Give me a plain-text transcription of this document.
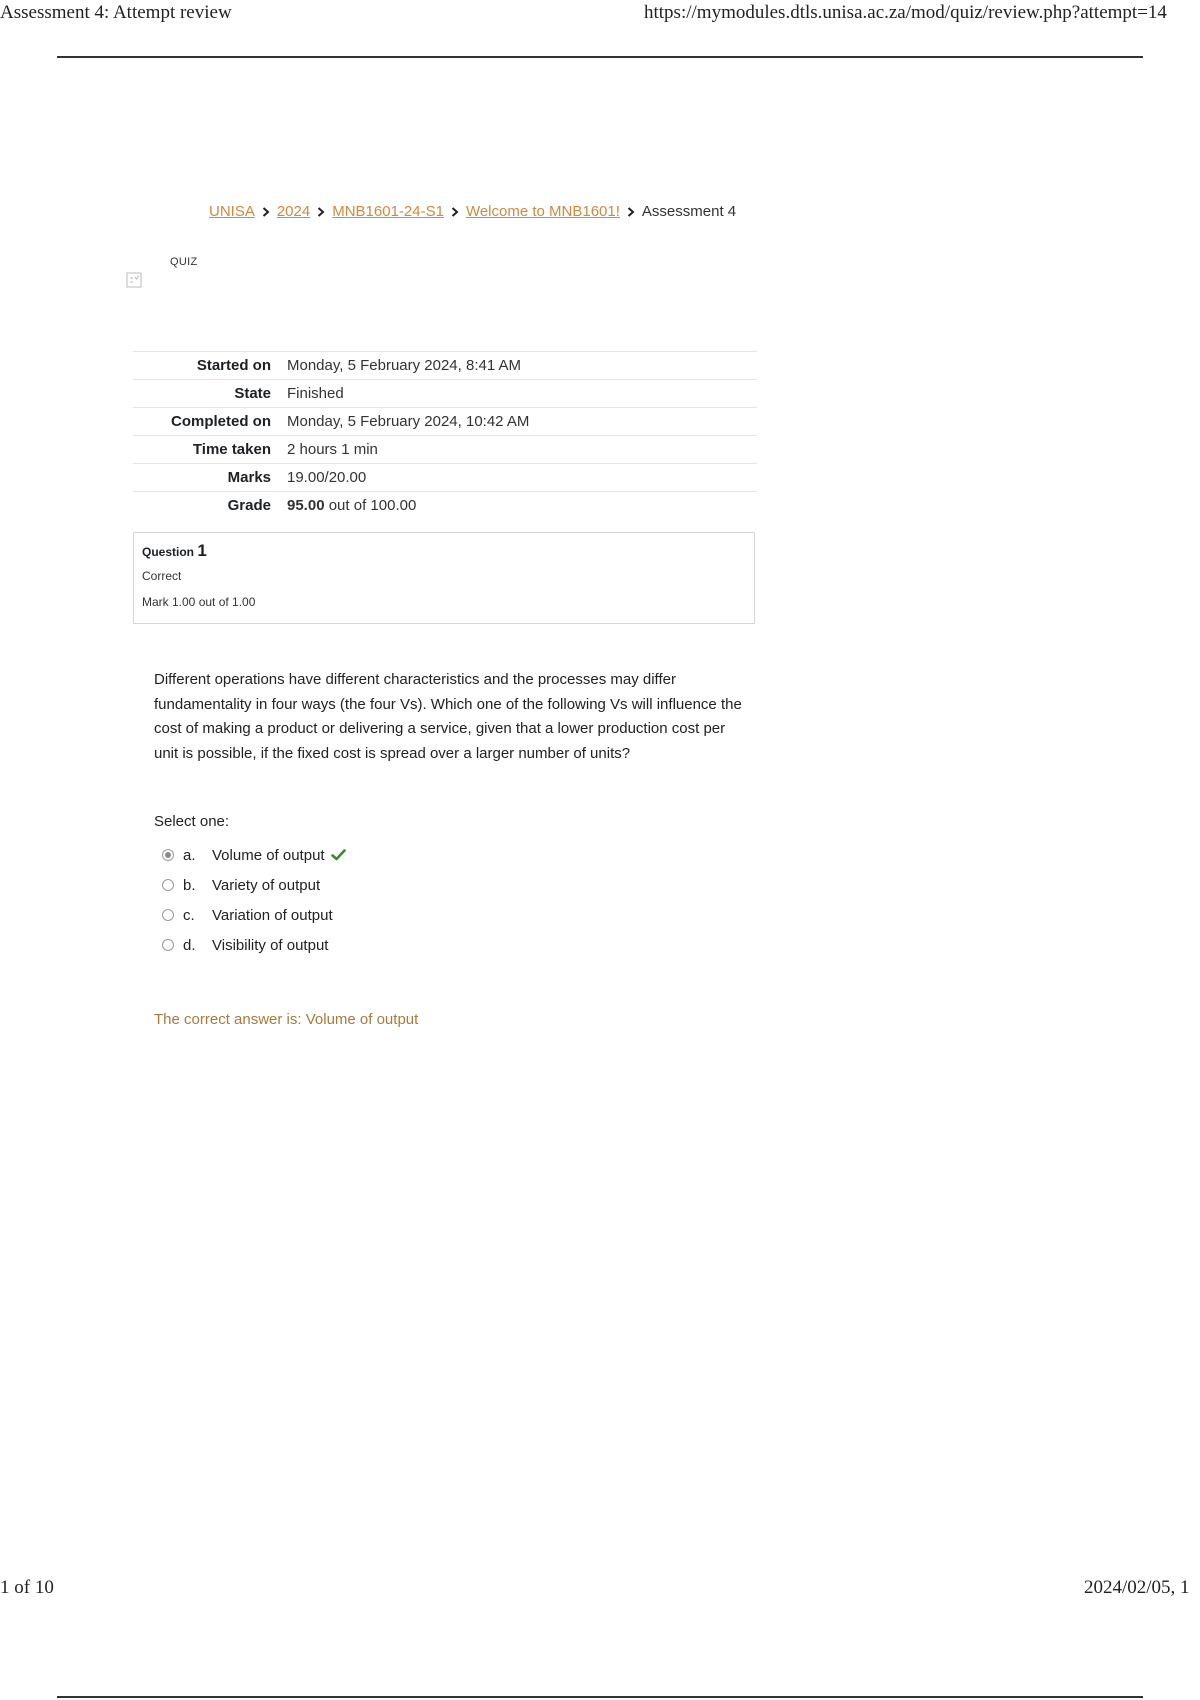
Assessment 4: Attempt review	https://mymodules.dtls.unisa.ac.za/mod/quiz/review.php?attempt=14
UNISA 2024 MNB1601-24-S1 Welcome to MNB1601! Assessment 4
QUIZ
Started on	Monday, 5 February 2024, 8:41 AM
State	Finished
Completed on	Monday, 5 February 2024, 10:42 AM
Time taken	2 hours 1 min
Marks	19.00/20.00
Grade	95.00 out of 100.00
Question 1
Correct
Mark 1.00 out of 1.00
Different operations have different characteristics and the processes may differ fundamentality in four ways (the four Vs). Which one of the following Vs will influence the cost of making a product or delivering a service, given that a lower production cost per unit is possible, if the fixed cost is spread over a larger number of units?
Select one:
a.	Volume of output
b.	Variety of output
c.	Variation of output
d.	Visibility of output
The correct answer is: Volume of output
1 of 10	2024/02/05, 1
